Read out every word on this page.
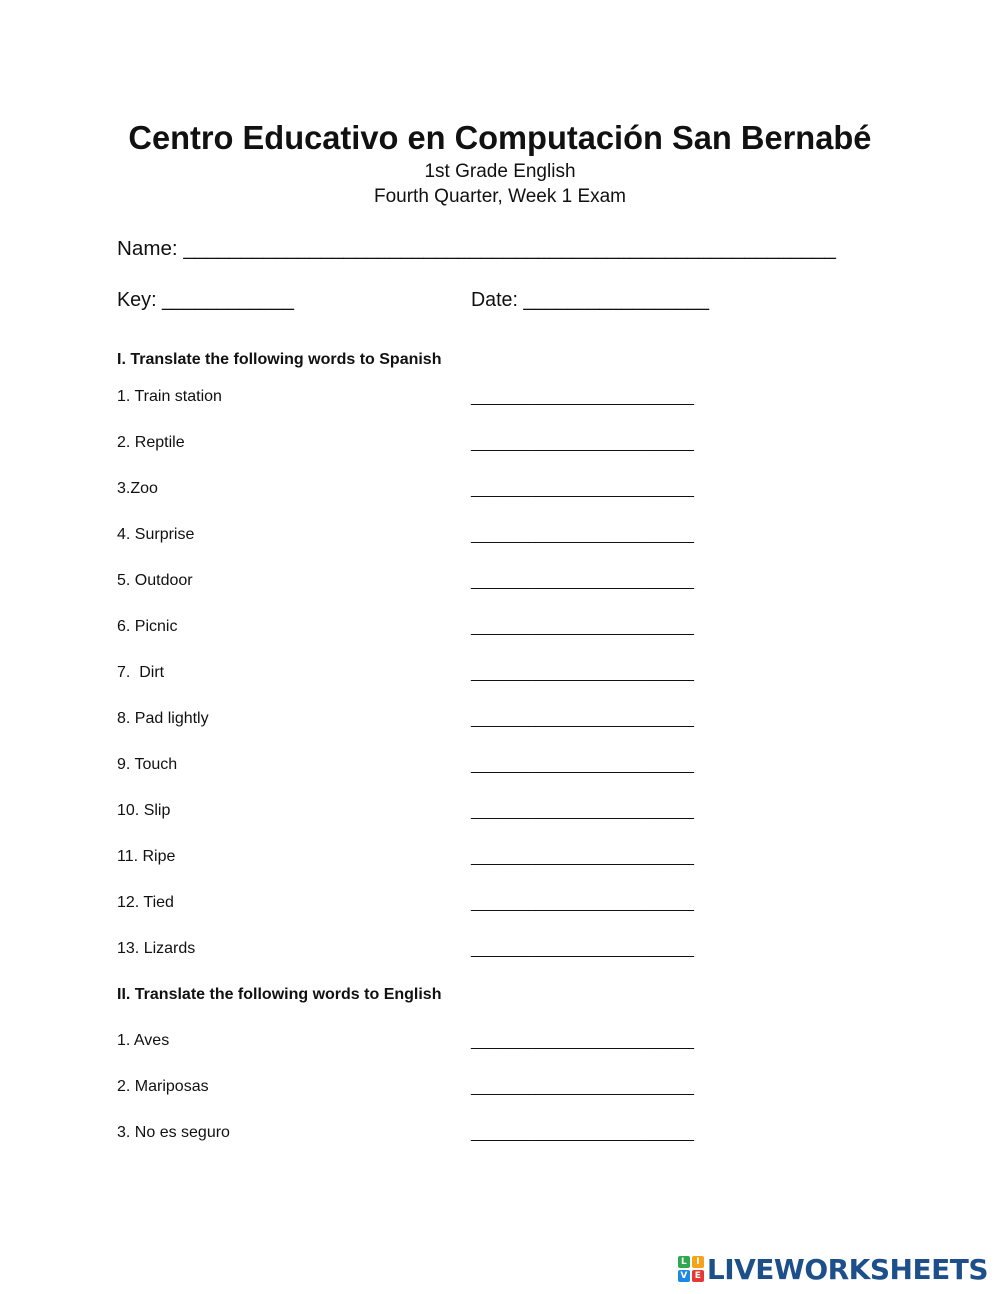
Centro Educativo en Computación San Bernabé
1st Grade English
Fourth Quarter, Week 1 Exam
Name: _________________________________________________________
Key: ____________	Date: _________________
I. Translate the following words to Spanish
1. Train station	_________________________________
2. Reptile	_________________________________
3.Zoo	_________________________________
4. Surprise	_________________________________
5. Outdoor	_________________________________
6. Picnic	_________________________________
7.  Dirt	_________________________________
8. Pad lightly	_________________________________
9. Touch	_________________________________
10. Slip	_________________________________
11. Ripe	_________________________________
12. Tied	_________________________________
13. Lizards	_________________________________
II. Translate the following words to English
1. Aves	_________________________________
2. Mariposas	_________________________________
3. No es seguro	_________________________________
L	I
V E LIVEWORKSHEETS
